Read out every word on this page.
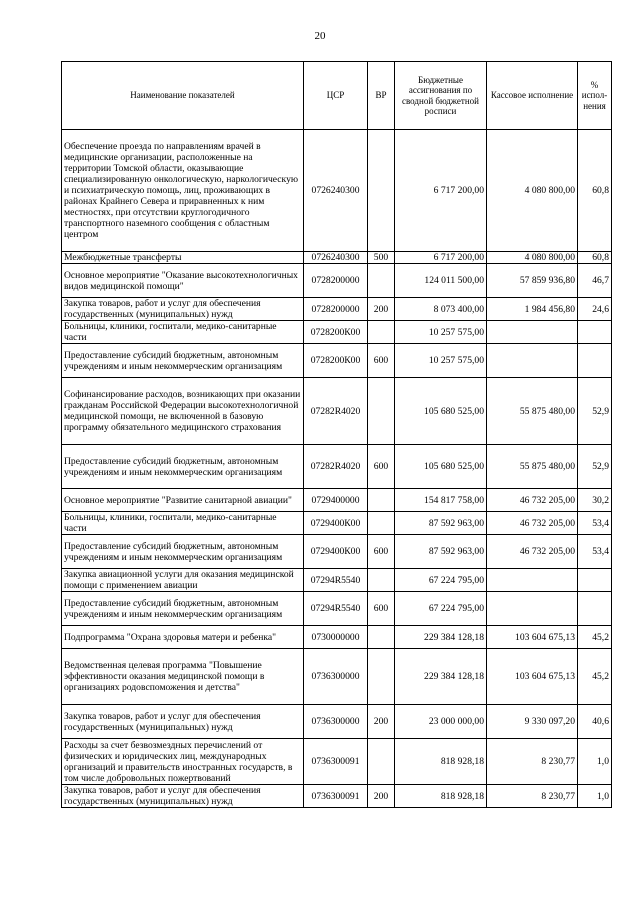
20
Наименование показателей	ЦСР	ВР	Бюджетные ассигнования по сводной бюджетной росписи	Кассовое исполнение	% испол-нения
Обеспечение проезда по направлениям врачей в медицинские организации, расположенные на территории Томской области, оказывающие специализированную онкологическую, наркологическую и психиатрическую помощь, лиц, проживающих в районах Крайнего Севера и приравненных к ним местностях, при отсутствии круглогодичного транспортного наземного сообщения с областным центром	0726240300		6 717 200,00	4 080 800,00	60,8
Межбюджетные трансферты	0726240300	500	6 717 200,00	4 080 800,00	60,8
Основное мероприятие "Оказание высокотехнологичных видов медицинской помощи"	0728200000		124 011 500,00	57 859 936,80	46,7
Закупка товаров, работ и услуг для обеспечения государственных (муниципальных) нужд	0728200000	200	8 073 400,00	1 984 456,80	24,6
Больницы, клиники, госпитали, медико-санитарные части	0728200К00		10 257 575,00		
Предоставление субсидий бюджетным, автономным учреждениям и иным некоммерческим организациям	0728200К00	600	10 257 575,00		
Софинансирование расходов, возникающих при оказании гражданам Российской Федерации высокотехнологичной медицинской помощи, не включенной в базовую программу обязательного медицинского страхования	07282R4020		105 680 525,00	55 875 480,00	52,9
Предоставление субсидий бюджетным, автономным учреждениям и иным некоммерческим организациям	07282R4020	600	105 680 525,00	55 875 480,00	52,9
Основное мероприятие "Развитие санитарной авиации"	0729400000		154 817 758,00	46 732 205,00	30,2
Больницы, клиники, госпитали, медико-санитарные части	0729400К00		87 592 963,00	46 732 205,00	53,4
Предоставление субсидий бюджетным, автономным учреждениям и иным некоммерческим организациям	0729400К00	600	87 592 963,00	46 732 205,00	53,4
Закупка авиационной услуги для оказания медицинской помощи с применением авиации	07294R5540		67 224 795,00		
Предоставление субсидий бюджетным, автономным учреждениям и иным некоммерческим организациям	07294R5540	600	67 224 795,00		
Подпрограмма "Охрана здоровья матери и ребенка"	0730000000		229 384 128,18	103 604 675,13	45,2
Ведомственная целевая программа "Повышение эффективности оказания медицинской помощи в организациях родовспоможения и детства"	0736300000		229 384 128,18	103 604 675,13	45,2
Закупка товаров, работ и услуг для обеспечения государственных (муниципальных) нужд	0736300000	200	23 000 000,00	9 330 097,20	40,6
Расходы за счет безвозмездных перечислений от физических и юридических лиц, международных организаций и правительств иностранных государств, в том числе добровольных пожертвований	0736300091		818 928,18	8 230,77	1,0
Закупка товаров, работ и услуг для обеспечения государственных (муниципальных) нужд	0736300091	200	818 928,18	8 230,77	1,0
